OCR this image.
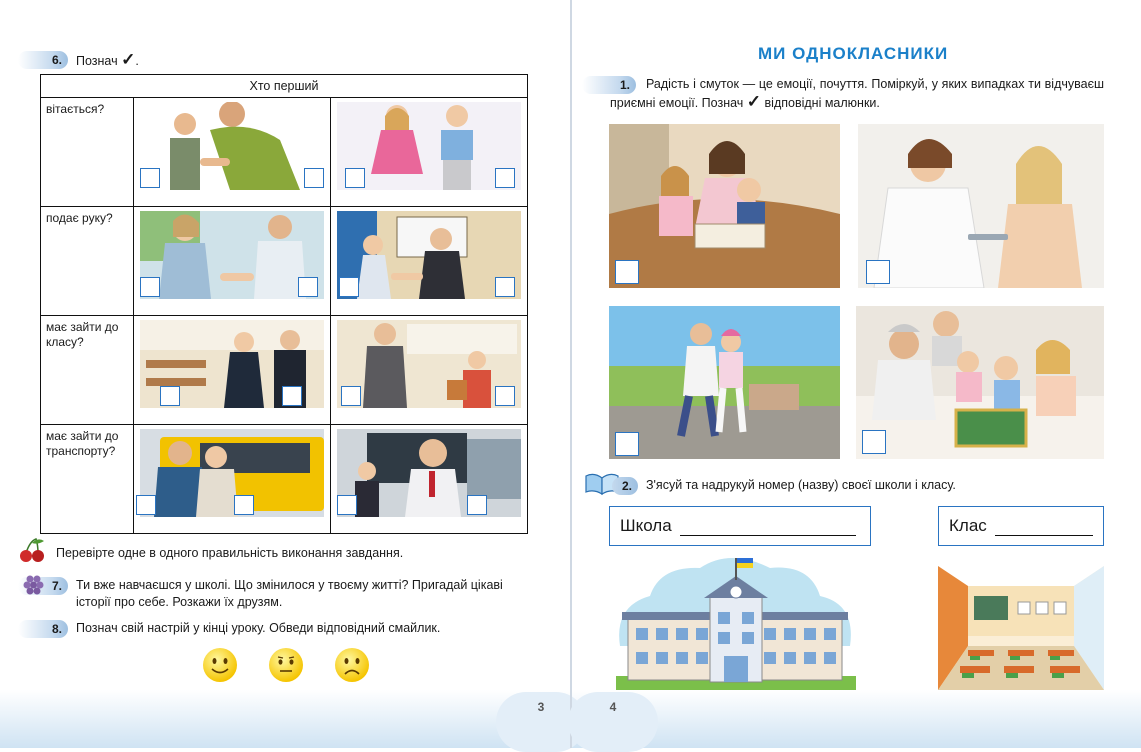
6. Познач ✓.
Хто перший		
вітається?	

подає руку?	

має зайти до класу?	

має зайти до транспорту?	

Перевірте одне в одного правильність виконання завдання.
7. Ти вже навчаєшся у школі. Що змінилося у твоєму житті? Пригадай цікаві історії про себе. Розкажи їх друзям.
8. Познач свій настрій у кінці уроку. Обведи відповідний смайлик.
3
МИ ОДНОКЛАСНИКИ
1.	Радість і смуток — це емоції, почуття. Поміркуй, у яких випадках ти відчуваєш приємні емоції. Познач ✓ відповідні малюнки.
2. З'ясуй та надрукуй номер (назву) своєї школи і класу.
Школа	Клас
4
